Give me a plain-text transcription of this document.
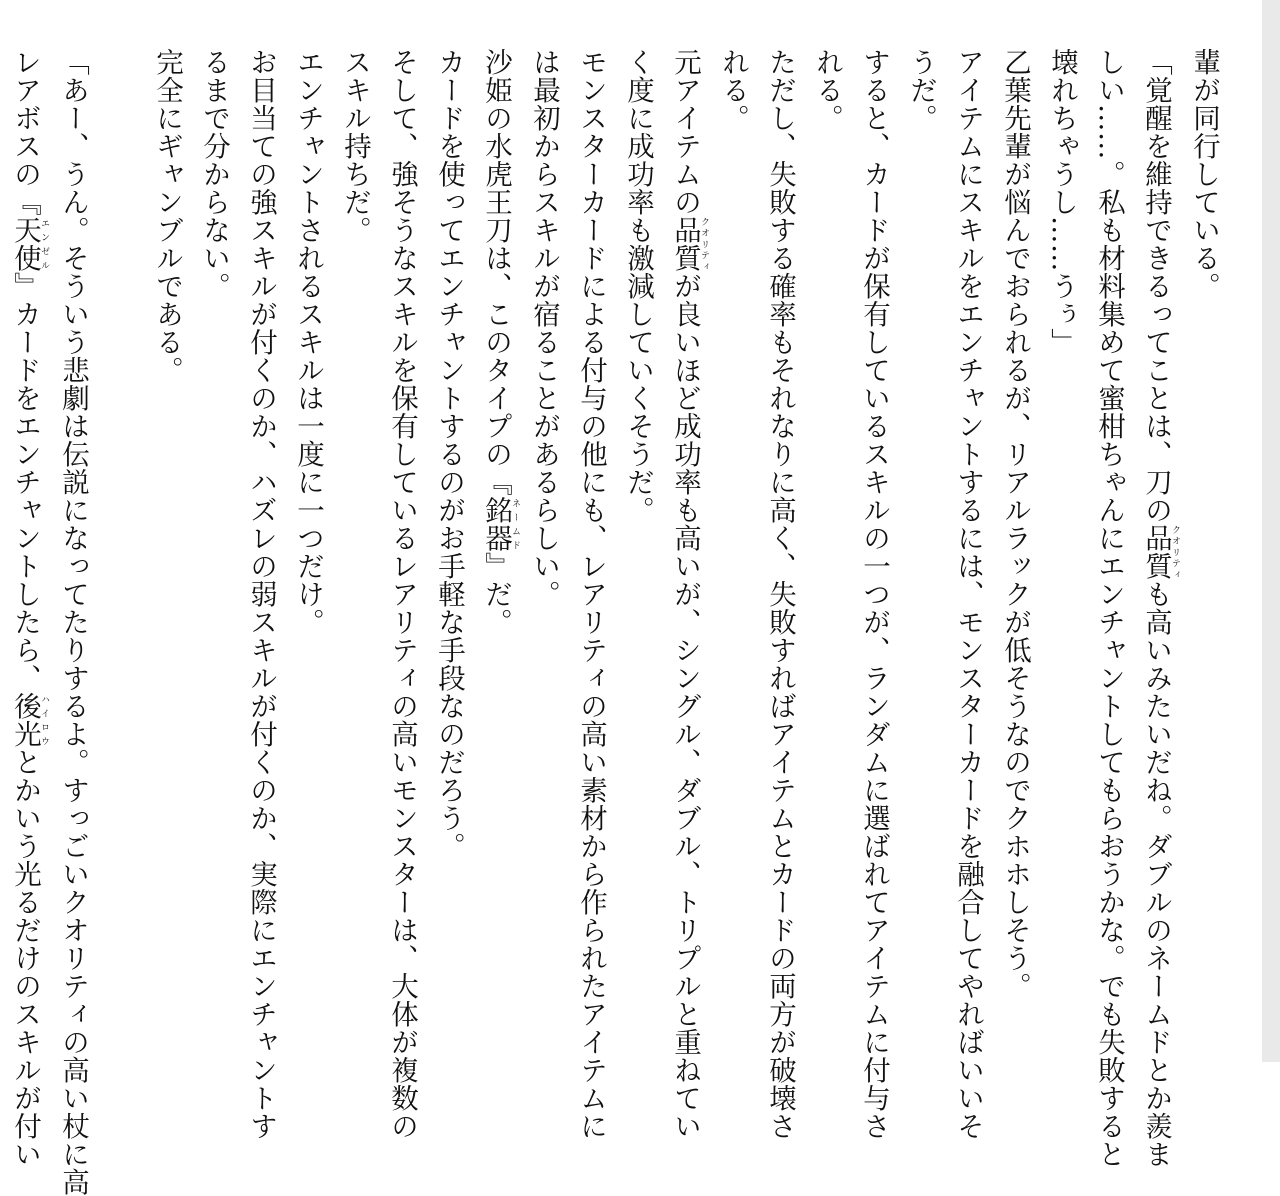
輩が同行している。

「覚醒を維持できるってことは、刀の品質クオリティも高いみたいだね。ダブルのネームドとか羨ま

しい……。私も材料集めて蜜柑ちゃんにエンチャントしてもらおうかな。でも失敗すると

壊れちゃうし……うぅ」

乙葉先輩が悩んでおられるが、リアルラックが低そうなのでクホホしそう。

アイテムにスキルをエンチャントするには、モンスターカードを融合してやればいいそ

うだ。

すると、カードが保有しているスキルの一つが、ランダムに選ばれてアイテムに付与さ

れる。

ただし、失敗する確率もそれなりに高く、失敗すればアイテムとカードの両方が破壊さ

れる。

元アイテムの品質クオリティが良いほど成功率も高いが、シングル、ダブル、トリプルと重ねてい

く度に成功率も激減していくそうだ。

モンスターカードによる付与の他にも、レアリティの高い素材から作られたアイテムに

は最初からスキルが宿ることがあるらしい。

沙姫の水虎王刀は、このタイプの『銘器ネームド』だ。

カードを使ってエンチャントするのがお手軽な手段なのだろう。

そして、強そうなスキルを保有しているレアリティの高いモンスターは、大体が複数の

スキル持ちだ。

エンチャントされるスキルは一度に一つだけ。

お目当ての強スキルが付くのか、ハズレの弱スキルが付くのか、実際にエンチャントす

るまで分からない。

完全にギャンブルである。

「あー、うん。そういう悲劇は伝説になってたりするよ。すっごいクオリティの高い杖に高

レアボスの『天使エンゼル』カードをエンチャントしたら、後光ハイロウとかいう光るだけのスキルが付い
